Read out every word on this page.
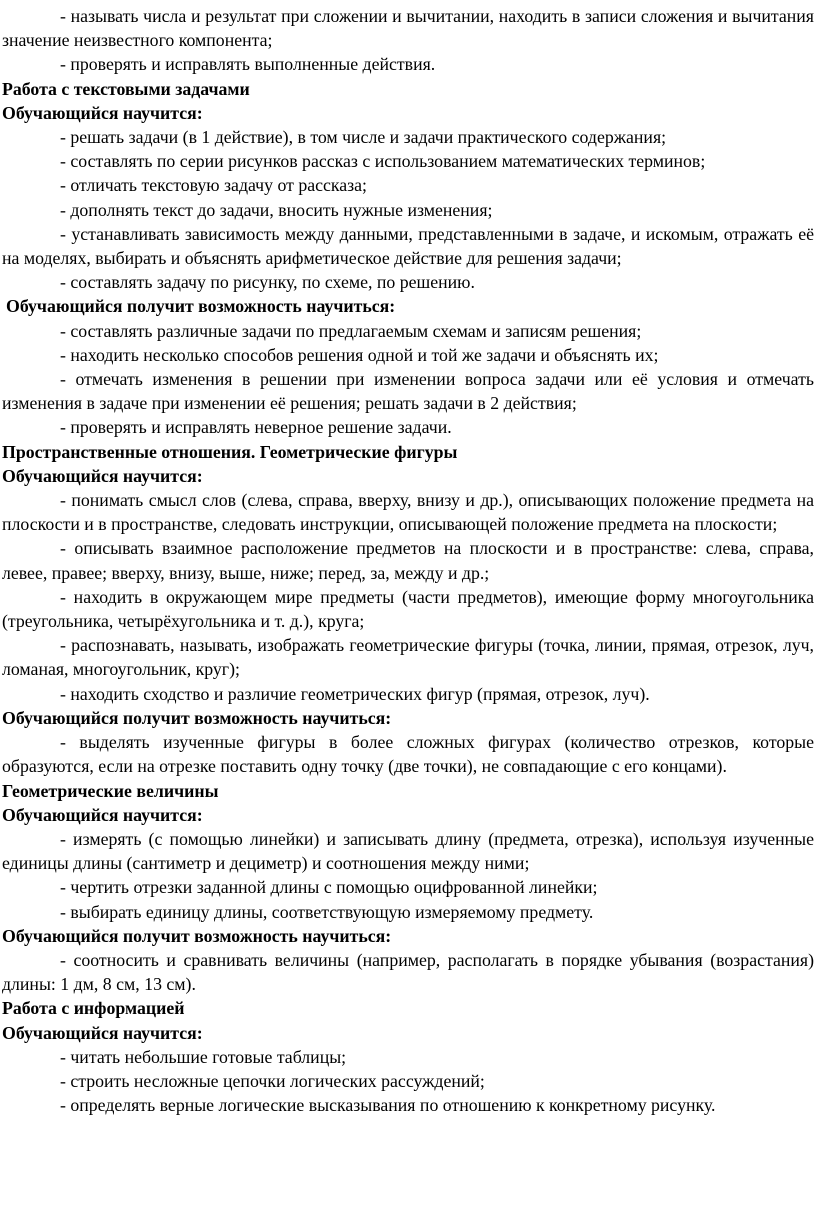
- называть числа и результат при сложении и вычитании, находить в записи сложения и вычитания значение неизвестного компонента;

- проверять и исправлять выполненные действия.

Работа с текстовыми задачами

Обучающийся научится:

- решать задачи (в 1 действие), в том числе и задачи практического содержания;

- составлять по серии рисунков рассказ с использованием математических терминов;

- отличать текстовую задачу от рассказа;

- дополнять текст до задачи, вносить нужные изменения;

- устанавливать зависимость между данными, представленными в задаче, и искомым, отражать её на моделях, выбирать и объяснять арифметическое действие для решения задачи;

- составлять задачу по рисунку, по схеме, по решению.

Обучающийся получит возможность научиться:

- составлять различные задачи по предлагаемым схемам и записям решения;

- находить несколько способов решения одной и той же задачи и объяснять их;

- отмечать изменения в решении при изменении вопроса задачи или её условия и отмечать изменения в задаче при изменении её решения; решать задачи в 2 действия;

- проверять и исправлять неверное решение задачи.

Пространственные отношения. Геометрические фигуры

Обучающийся научится:

- понимать смысл слов (слева, справа, вверху, внизу и др.), описывающих положение предмета на плоскости и в пространстве, следовать инструкции, описывающей положение предмета на плоскости;

- описывать взаимное расположение предметов на плоскости и в пространстве: слева, справа, левее, правее; вверху, внизу, выше, ниже; перед, за, между и др.;

- находить в окружающем мире предметы (части предметов), имеющие форму многоугольника (треугольника, четырёхугольника и т. д.), круга;

- распознавать, называть, изображать геометрические фигуры (точка, линии, прямая, отрезок, луч, ломаная, многоугольник, круг);

- находить сходство и различие геометрических фигур (прямая, отрезок, луч).

Обучающийся получит возможность научиться:

- выделять изученные фигуры в более сложных фигурах (количество отрезков, которые образуются, если на отрезке поставить одну точку (две точки), не совпадающие с его концами).

Геометрические величины

Обучающийся научится:

- измерять (с помощью линейки) и записывать длину (предмета, отрезка), используя изученные единицы длины (сантиметр и дециметр) и соотношения между ними;

- чертить отрезки заданной длины с помощью оцифрованной линейки;

- выбирать единицу длины, соответствующую измеряемому предмету.

Обучающийся получит возможность научиться:

- соотносить и сравнивать величины (например, располагать в порядке убывания (возрастания) длины: 1 дм, 8 см, 13 см).

Работа с информацией

Обучающийся научится:

- читать небольшие готовые таблицы;

- строить несложные цепочки логических рассуждений;

- определять верные логические высказывания по отношению к конкретному рисунку.
